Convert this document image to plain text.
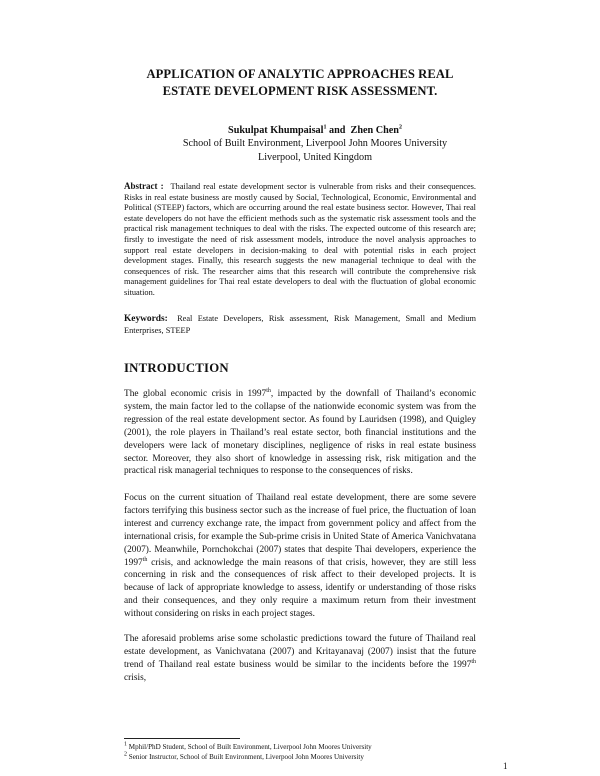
APPLICATION OF ANALYTIC APPROACHES REAL
ESTATE DEVELOPMENT RISK ASSESSMENT.
Sukulpat Khumpaisal$^1$ and  Zhen Chen$^2$
School of Built Environment, Liverpool John Moores University
Liverpool, United Kingdom
Abstract : Thailand real estate development sector is vulnerable from risks and their consequences. Risks in real estate business are mostly caused by Social, Technological, Economic, Environmental and Political (STEEP) factors, which are occurring around the real estate business sector. However, Thai real estate developers do not have the efficient methods such as the systematic risk assessment tools and the practical risk management techniques to deal with the risks. The expected outcome of this research are; firstly to investigate the need of risk assessment models, introduce the novel analysis approaches to support real estate developers in decision-making to deal with potential risks in each project development stages. Finally, this research suggests the new managerial technique to deal with the consequences of risk. The researcher aims that this research will contribute the comprehensive risk management guidelines for Thai real estate developers to deal with the fluctuation of global economic situation.
Keywords: Real Estate Developers, Risk assessment, Risk Management, Small and Medium Enterprises, STEEP
INTRODUCTION
The global economic crisis in 1997th, impacted by the downfall of Thailand’s economic system, the main factor led to the collapse of the nationwide economic system was from the regression of the real estate development sector. As found by Lauridsen (1998), and Quigley (2001), the role players in Thailand’s real estate sector, both financial institutions and the developers were lack of monetary disciplines, negligence of risks in real estate business sector. Moreover, they also short of knowledge in assessing risk, risk mitigation and the practical risk managerial techniques to response to the consequences of risks.
Focus on the current situation of Thailand real estate development, there are some severe factors terrifying this business sector such as the increase of fuel price, the fluctuation of loan interest and currency exchange rate, the impact from government policy and affect from the international crisis, for example the Sub-prime crisis in United State of America Vanichvatana (2007). Meanwhile, Pornchokchai (2007) states that despite Thai developers, experience the 1997th crisis, and acknowledge the main reasons of that crisis, however, they are still less concerning in risk and the consequences of risk affect to their developed projects. It is because of lack of appropriate knowledge to assess, identify or understanding of those risks and their consequences, and they only require a maximum return from their investment without considering on risks in each project stages.
The aforesaid problems arise some scholastic predictions toward the future of Thailand real estate development, as Vanichvatana (2007) and Kritayanavaj (2007) insist that the future trend of Thailand real estate business would be similar to the incidents before the 1997th crisis,
$^1$ Mphil/PhD Student, School of Built Environment, Liverpool John Moores University
$^2$ Senior Instructor, School of Built Environment, Liverpool John Moores University
1
